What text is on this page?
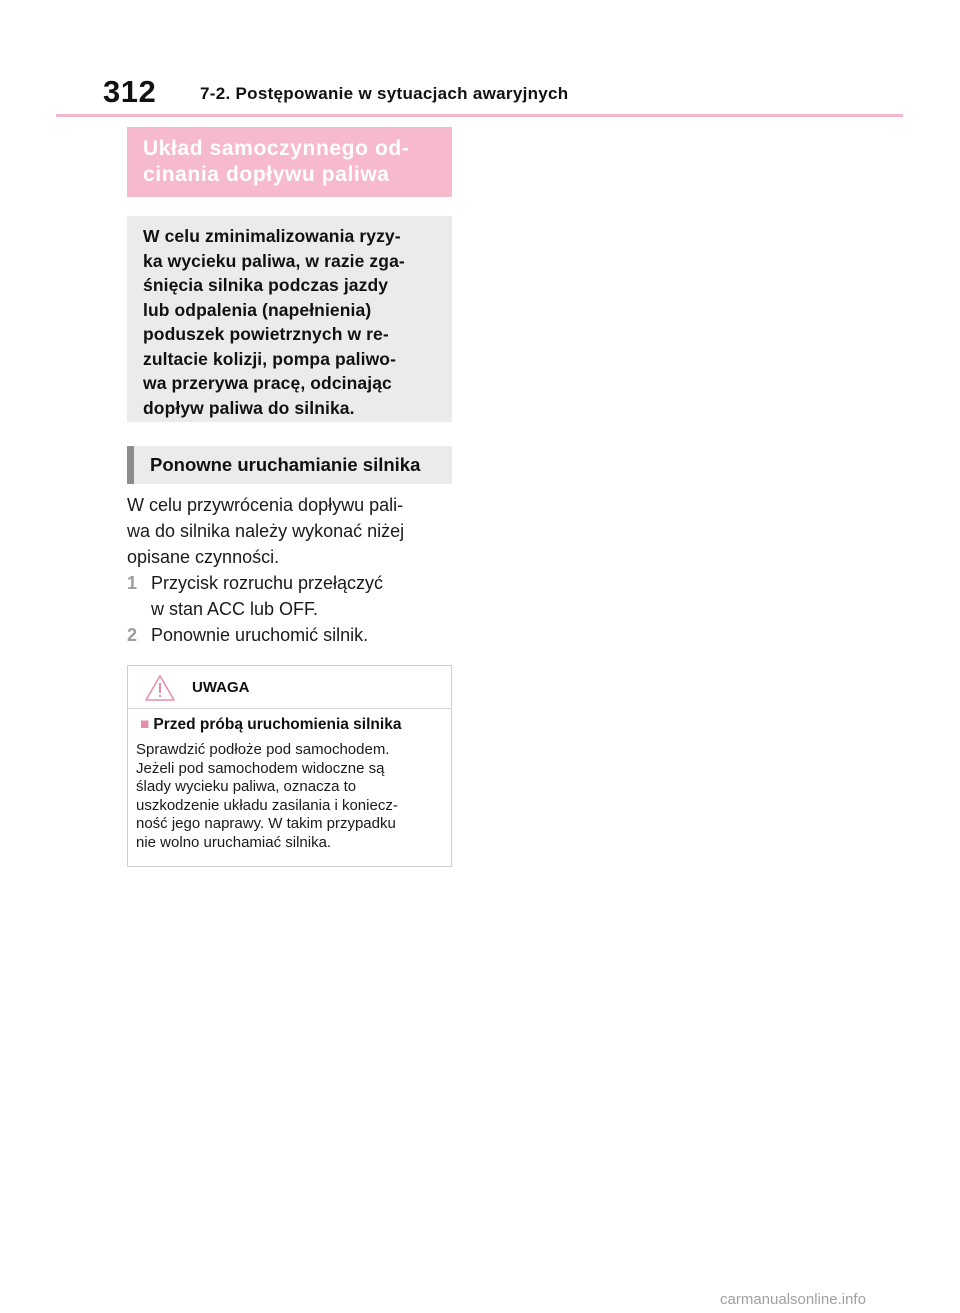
312	7-2. Postępowanie w sytuacjach awaryjnych
Układ samoczynnego od-
cinania dopływu paliwa
W celu zminimalizowania ryzy-
ka wycieku paliwa, w razie zga-
śnięcia silnika podczas jazdy
lub odpalenia (napełnienia)
poduszek powietrznych w re-
zultacie kolizji, pompa paliwo-
wa przerywa pracę, odcinając
dopływ paliwa do silnika.
Ponowne uruchamianie silnika
W celu przywrócenia dopływu pali-
wa do silnika należy wykonać niżej
opisane czynności.
1 Przycisk rozruchu przełączyć
w stan ACC lub OFF.
2 Ponownie uruchomić silnik.
UWAGA
■ Przed próbą uruchomienia silnika
Sprawdzić podłoże pod samochodem.
Jeżeli pod samochodem widoczne są
ślady wycieku paliwa, oznacza to
uszkodzenie układu zasilania i koniecz-
ność jego naprawy. W takim przypadku
nie wolno uruchamiać silnika.
carmanualsonline.info
